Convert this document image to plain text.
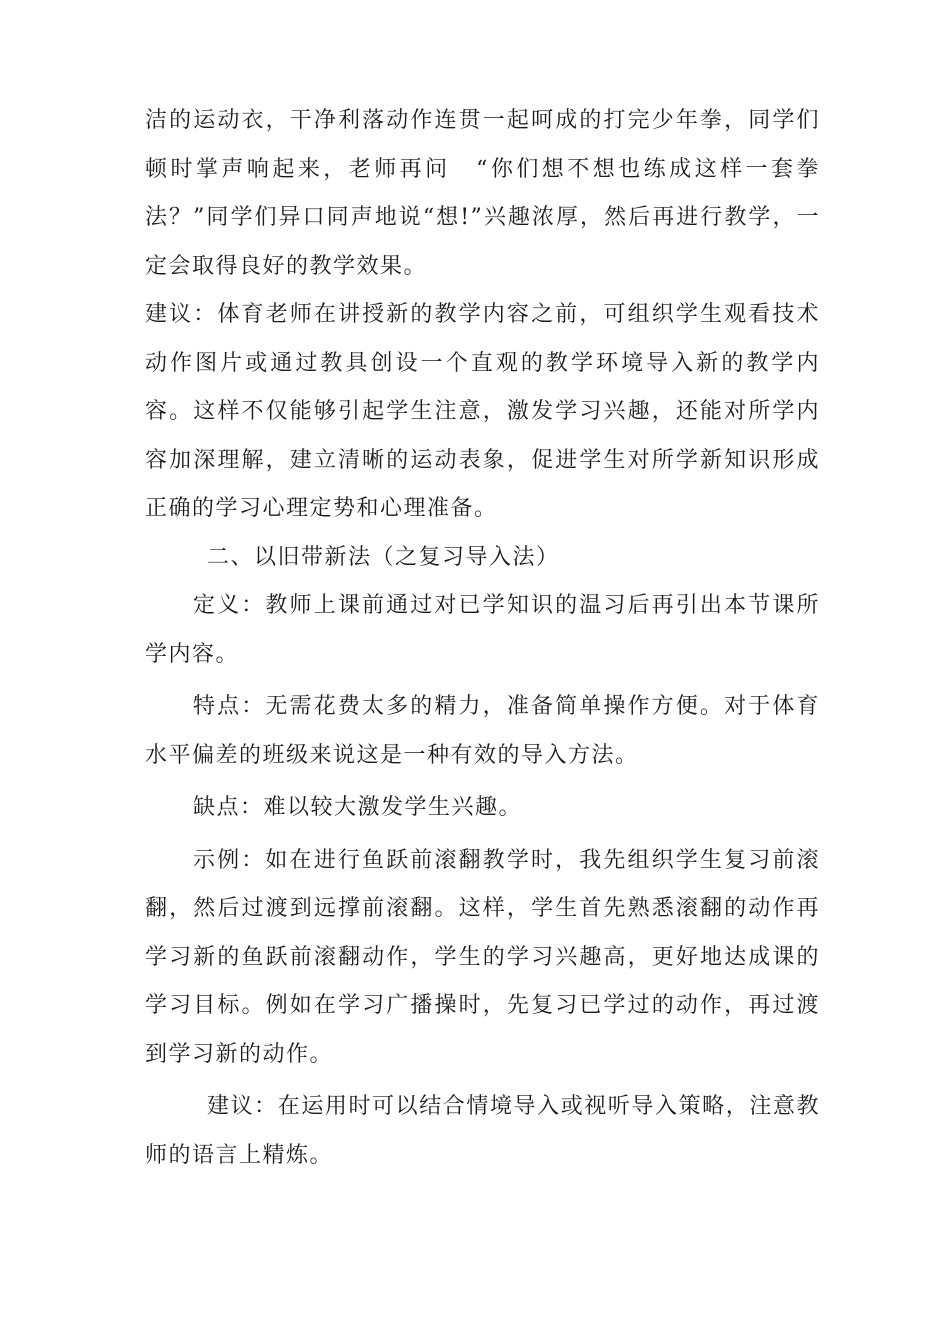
洁的运动衣，干净利落动作连贯一起呵成的打完少年拳，同学们顿时掌声响起来，老师再问　“你们想不想也练成这样一套拳法？”同学们异口同声地说“想!”兴趣浓厚，然后再进行教学，一定会取得良好的教学效果。

建议：体育老师在讲授新的教学内容之前，可组织学生观看技术动作图片或通过教具创设一个直观的教学环境导入新的教学内容。这样不仅能够引起学生注意，激发学习兴趣，还能对所学内容加深理解，建立清晰的运动表象，促进学生对所学新知识形成正确的学习心理定势和心理准备。

二、以旧带新法（之复习导入法）

定义：教师上课前通过对已学知识的温习后再引出本节课所学内容。

特点：无需花费太多的精力，准备简单操作方便。对于体育水平偏差的班级来说这是一种有效的导入方法。

缺点：难以较大激发学生兴趣。

示例：如在进行鱼跃前滚翻教学时，我先组织学生复习前滚翻，然后过渡到远撑前滚翻。这样，学生首先熟悉滚翻的动作再学习新的鱼跃前滚翻动作，学生的学习兴趣高，更好地达成课的学习目标。例如在学习广播操时，先复习已学过的动作，再过渡到学习新的动作。

建议：在运用时可以结合情境导入或视听导入策略，注意教师的语言上精炼。
